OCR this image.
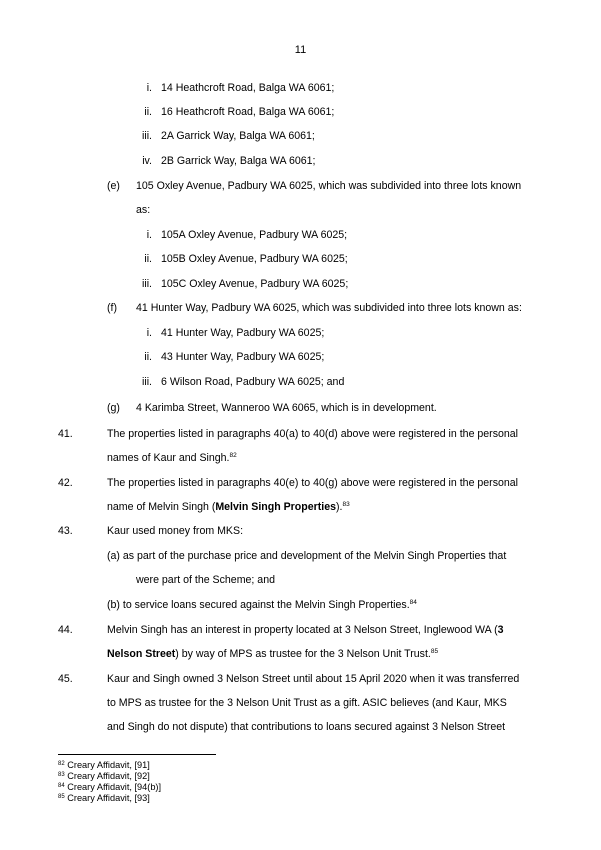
11
i. 14 Heathcroft Road, Balga WA 6061;
ii. 16 Heathcroft Road, Balga WA 6061;
iii. 2A Garrick Way, Balga WA 6061;
iv. 2B Garrick Way, Balga WA 6061;
(e) 105 Oxley Avenue, Padbury WA 6025, which was subdivided into three lots known
as:
i. 105A Oxley Avenue, Padbury WA 6025;
ii. 105B Oxley Avenue, Padbury WA 6025;
iii. 105C Oxley Avenue, Padbury WA 6025;
(f) 41 Hunter Way, Padbury WA 6025, which was subdivided into three lots known as:
i. 41 Hunter Way, Padbury WA 6025;
ii. 43 Hunter Way, Padbury WA 6025;
iii. 6 Wilson Road, Padbury WA 6025; and
(g) 4 Karimba Street, Wanneroo WA 6065, which is in development.
41.	The properties listed in paragraphs 40(a) to 40(d) above were registered in the personal
names of Kaur and Singh.$^{82}$
42.	The properties listed in paragraphs 40(e) to 40(g) above were registered in the personal
name of Melvin Singh (Melvin Singh Properties).$^{83}$
43.	Kaur used money from MKS:
(a) as part of the purchase price and development of the Melvin Singh Properties that
were part of the Scheme; and
(b) to service loans secured against the Melvin Singh Properties.$^{84}$
44.	Melvin Singh has an interest in property located at 3 Nelson Street, Inglewood WA (3
Nelson Street) by way of MPS as trustee for the 3 Nelson Unit Trust.$^{85}$
45.	Kaur and Singh owned 3 Nelson Street until about 15 April 2020 when it was transferred
to MPS as trustee for the 3 Nelson Unit Trust as a gift. ASIC believes (and Kaur, MKS
and Singh do not dispute) that contributions to loans secured against 3 Nelson Street
$^{82}$ Creary Affidavit, [91]
$^{83}$ Creary Affidavit, [92]
$^{84}$ Creary Affidavit, [94(b)]
$^{85}$ Creary Affidavit, [93]
